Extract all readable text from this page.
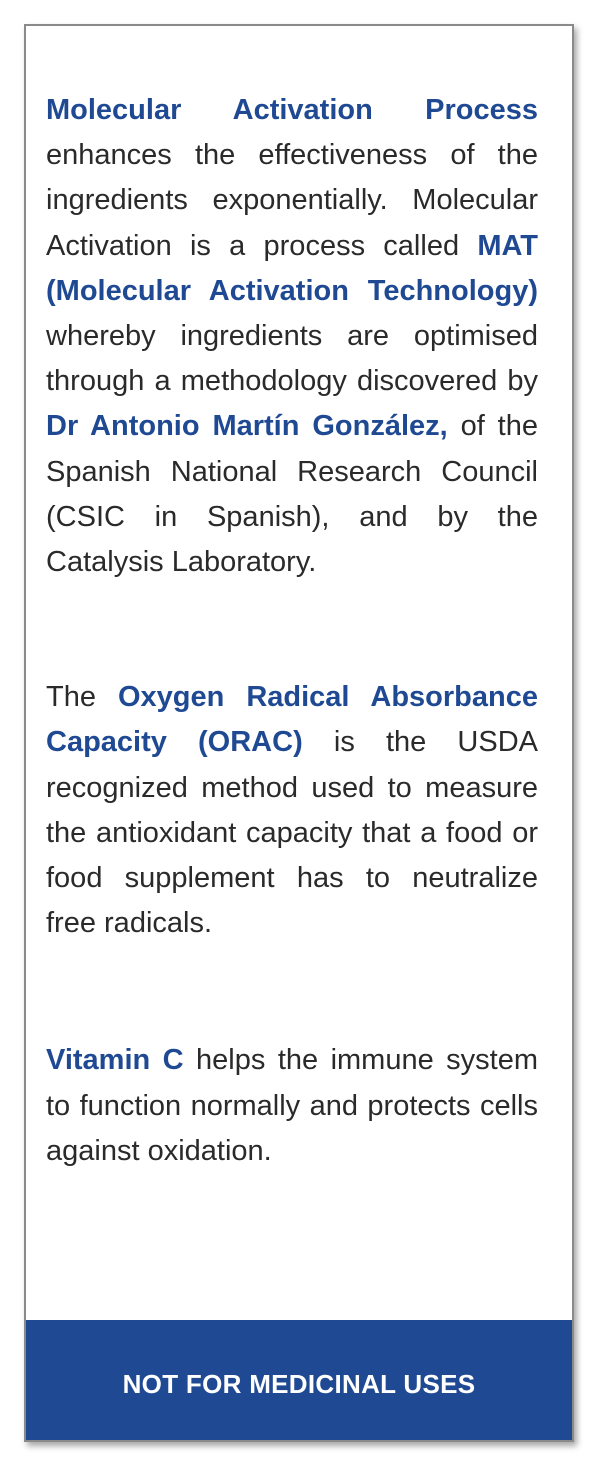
Molecular Activation Process enhances the effectiveness of the ingredients exponentially. Molecular Activation is a process called MAT (Molecular Activation Technology) whereby ingredients are optimised through a methodology discovered by Dr Antonio Martín González, of the Spanish National Research Council (CSIC in Spanish), and by the Catalysis Laboratory.

The Oxygen Radical Absorbance Capacity (ORAC) is the USDA recognized method used to measure the antioxidant capacity that a food or food supplement has to neutralize free radicals.

Vitamin C helps the immune system to function normally and protects cells against oxidation.

NOT FOR MEDICINAL USES
